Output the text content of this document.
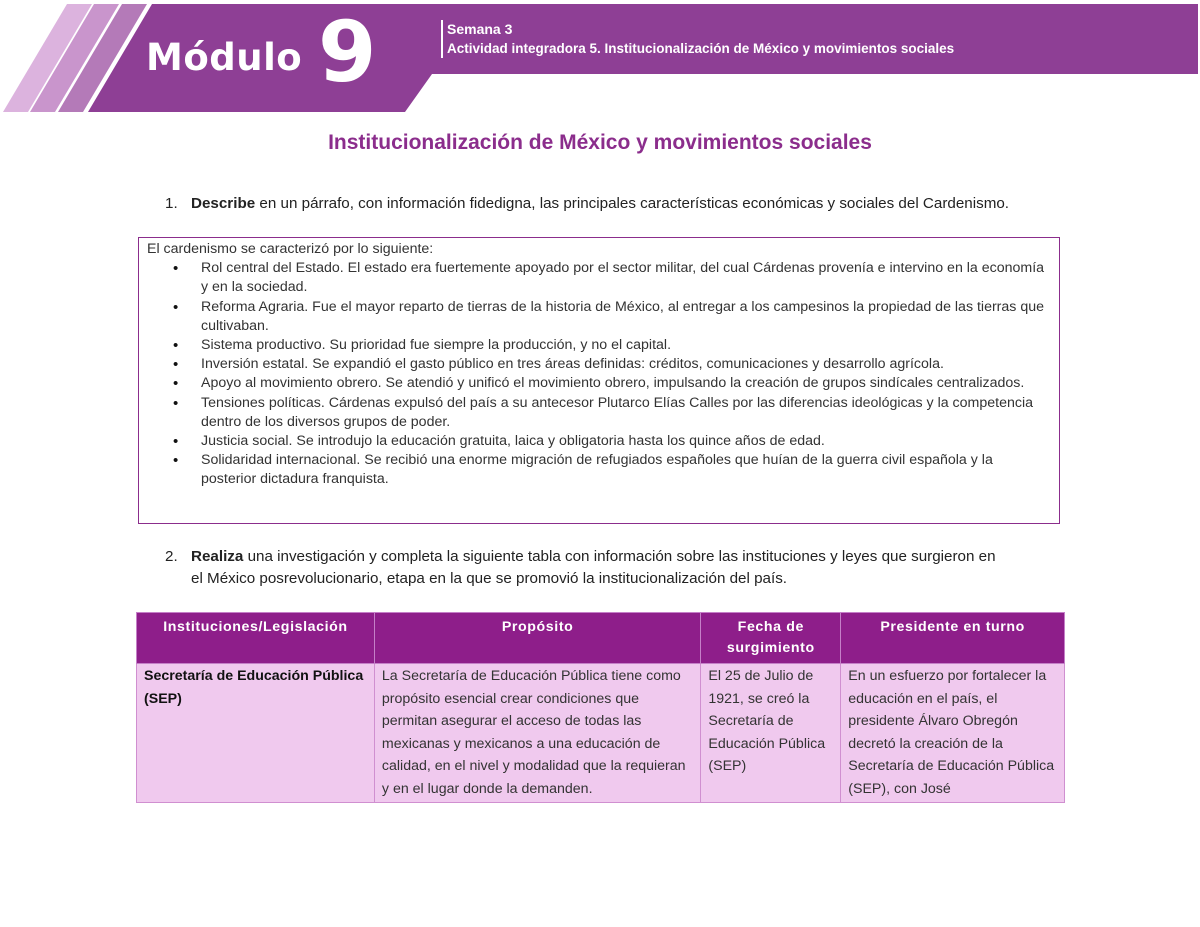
Módulo 9	Semana 3
Actividad integradora 5. Institucionalización de México y movimientos sociales
Institucionalización de México y movimientos sociales
1. Describe en un párrafo, con información fidedigna, las principales características económicas y sociales del Cardenismo.
El cardenismo se caracterizó por lo siguiente:
• Rol central del Estado. El estado era fuertemente apoyado por el sector militar, del cual Cárdenas provenía e intervino en la economía y en la sociedad.
• Reforma Agraria. Fue el mayor reparto de tierras de la historia de México, al entregar a los campesinos la propiedad de las tierras que cultivaban.
• Sistema productivo. Su prioridad fue siempre la producción, y no el capital.
• Inversión estatal. Se expandió el gasto público en tres áreas definidas: créditos, comunicaciones y desarrollo agrícola.
• Apoyo al movimiento obrero. Se atendió y unificó el movimiento obrero, impulsando la creación de grupos sindícales centralizados.
• Tensiones políticas. Cárdenas expulsó del país a su antecesor Plutarco Elías Calles por las diferencias ideológicas y la competencia dentro de los diversos grupos de poder.
• Justicia social. Se introdujo la educación gratuita, laica y obligatoria hasta los quince años de edad.
• Solidaridad internacional. Se recibió una enorme migración de refugiados españoles que huían de la guerra civil española y la posterior dictadura franquista.
2. Realiza una investigación y completa la siguiente tabla con información sobre las instituciones y leyes que surgieron en
el México posrevolucionario, etapa en la que se promovió la institucionalización del país.
Instituciones/Legislación	Propósito	Fecha de surgimiento	Presidente en turno
Secretaría de Educación Pública (SEP)	La Secretaría de Educación Pública tiene como propósito esencial crear condiciones que permitan asegurar el acceso de todas las mexicanas y mexicanos a una educación de calidad, en el nivel y modalidad que la requieran y en el lugar donde la demanden.	El 25 de Julio de 1921, se creó la Secretaría de Educación Pública (SEP)	En un esfuerzo por fortalecer la educación en el país, el presidente Álvaro Obregón decretó la creación de la Secretaría de Educación Pública (SEP), con José
